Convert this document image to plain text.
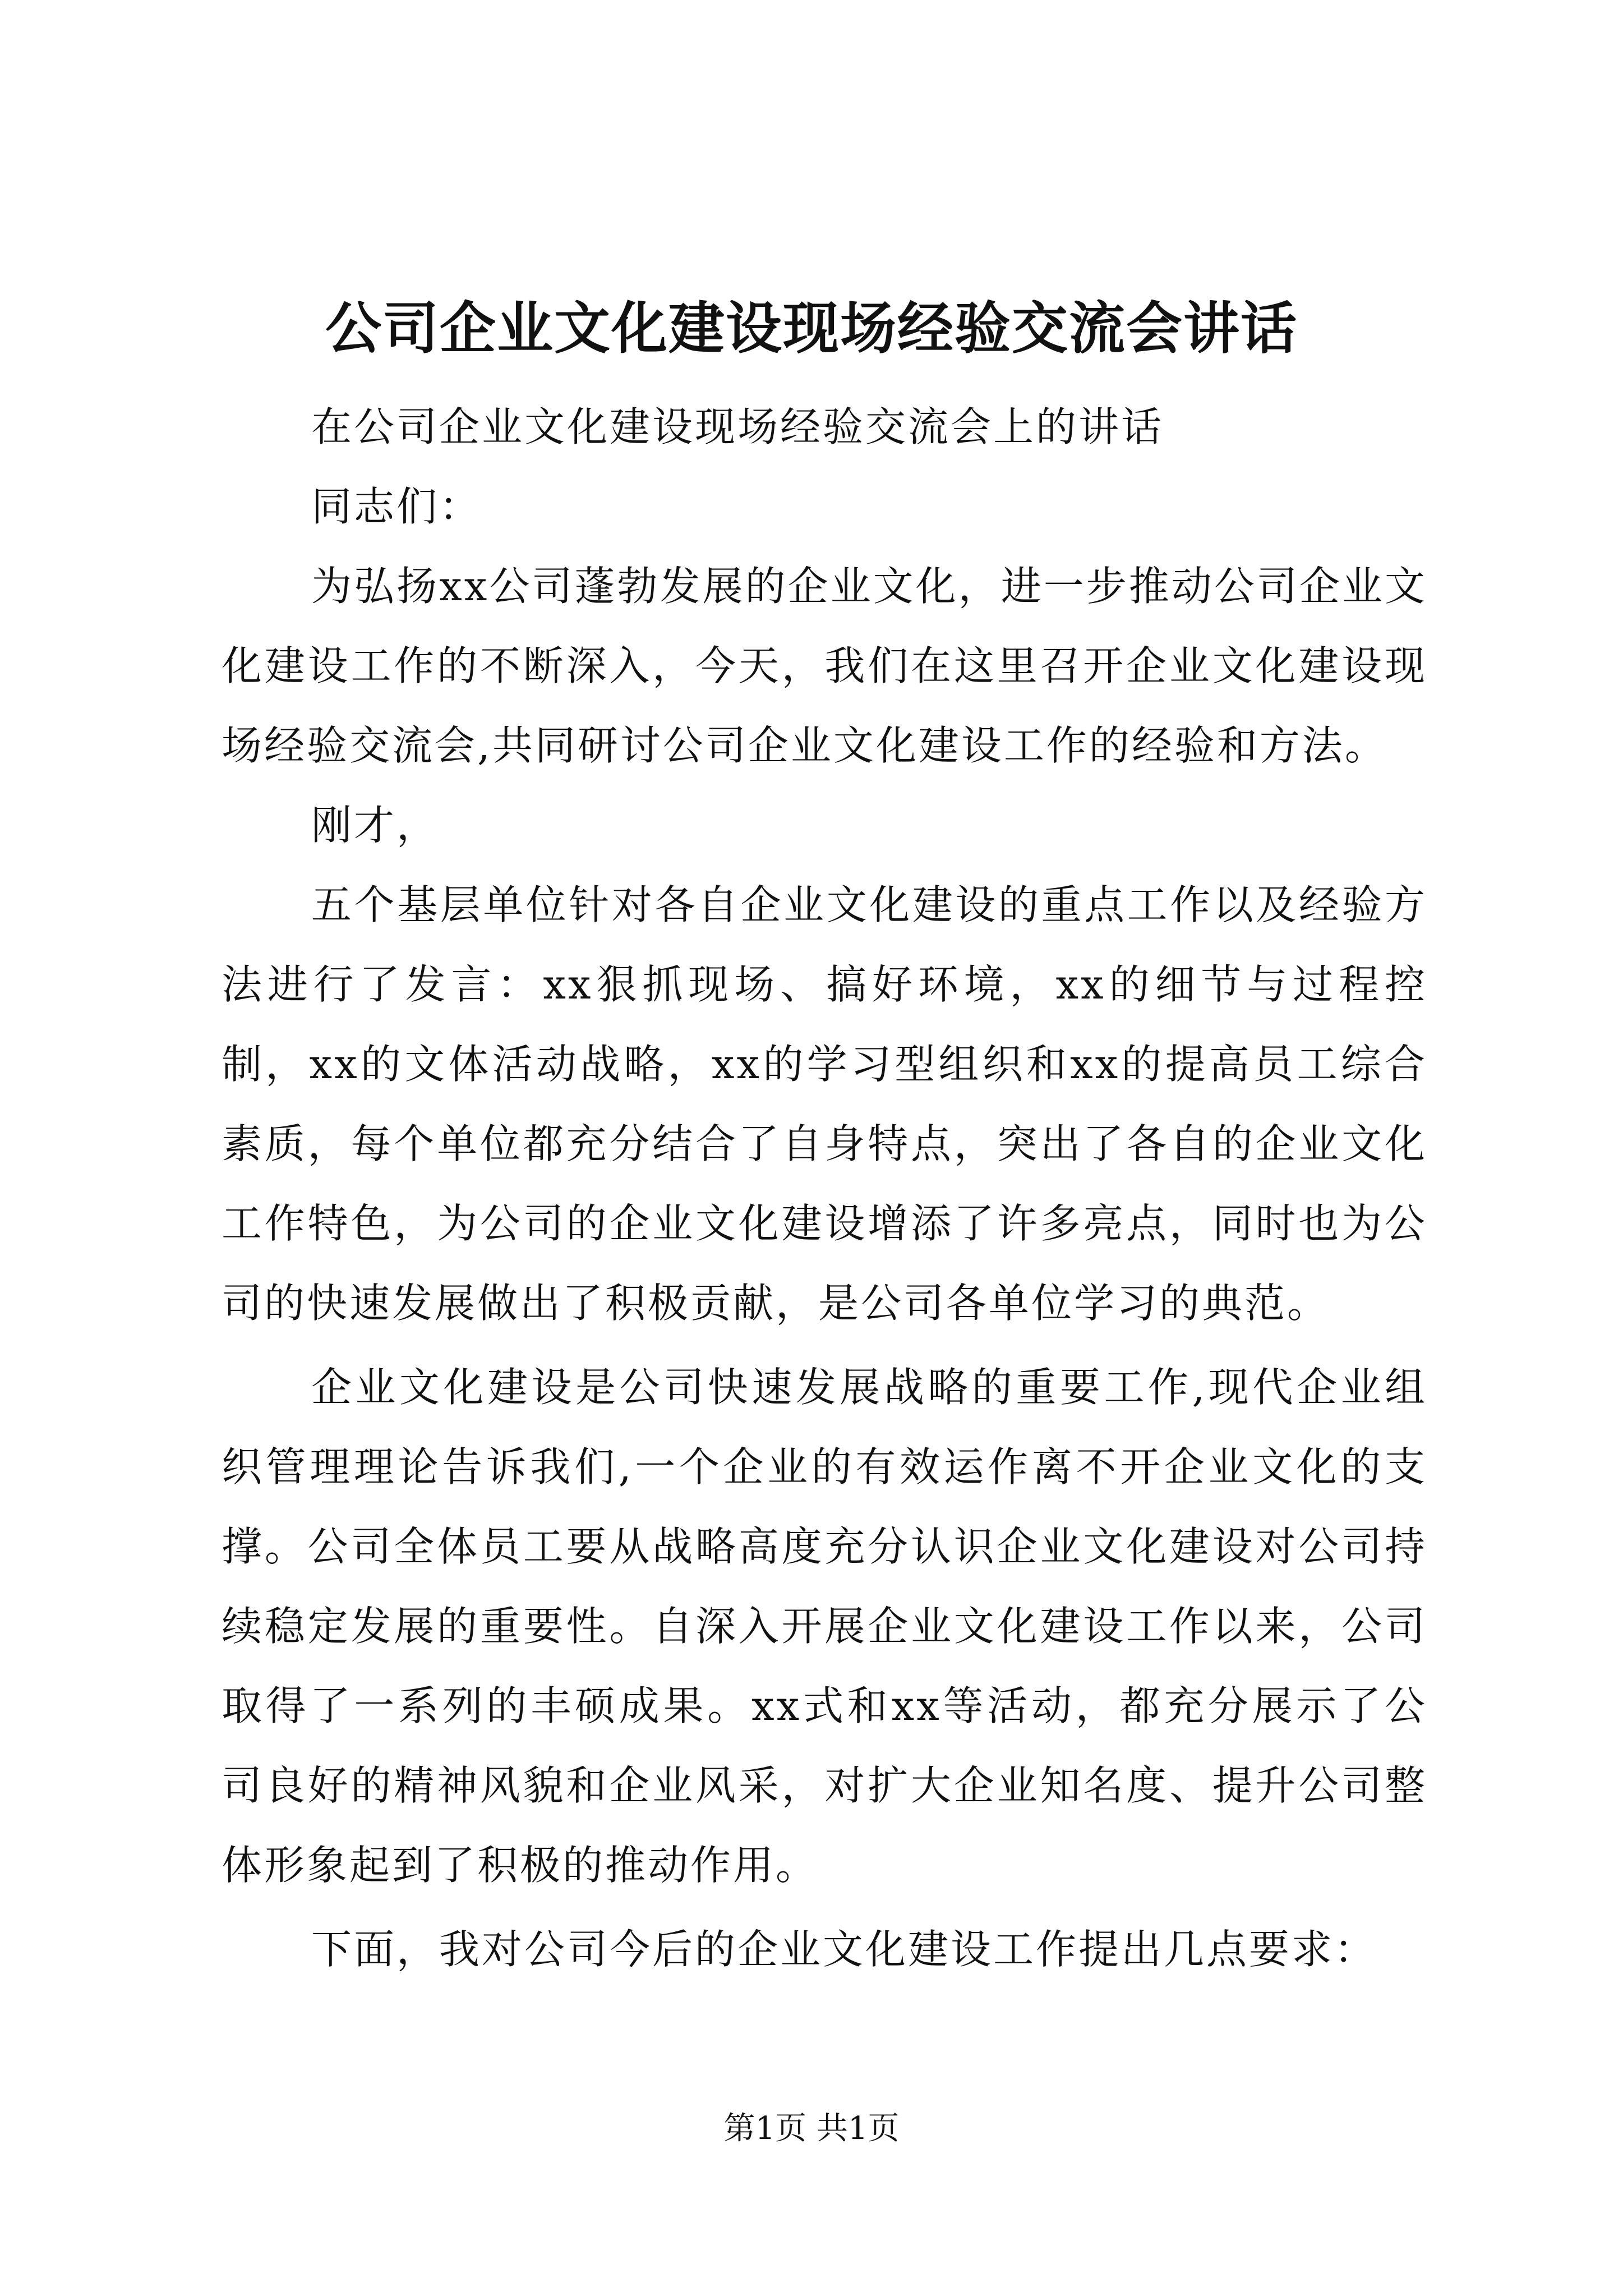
公司企业文化建设现场经验交流会讲话

在公司企业文化建设现场经验交流会上的讲话

同志们：

为弘扬xx公司蓬勃发展的企业文化，进一步推动公司企业文化建设工作的不断深入，今天，我们在这里召开企业文化建设现场经验交流会,共同研讨公司企业文化建设工作的经验和方法。

刚才，

五个基层单位针对各自企业文化建设的重点工作以及经验方法进行了发言：xx狠抓现场、搞好环境，xx的细节与过程控制，xx的文体活动战略，xx的学习型组织和xx的提高员工综合素质，每个单位都充分结合了自身特点，突出了各自的企业文化工作特色，为公司的企业文化建设增添了许多亮点，同时也为公司的快速发展做出了积极贡献，是公司各单位学习的典范。

企业文化建设是公司快速发展战略的重要工作,现代企业组织管理理论告诉我们,一个企业的有效运作离不开企业文化的支撑。公司全体员工要从战略高度充分认识企业文化建设对公司持续稳定发展的重要性。自深入开展企业文化建设工作以来，公司取得了一系列的丰硕成果。xx式和xx等活动，都充分展示了公司良好的精神风貌和企业风采，对扩大企业知名度、提升公司整体形象起到了积极的推动作用。

下面，我对公司今后的企业文化建设工作提出几点要求：

第1页 共1页
